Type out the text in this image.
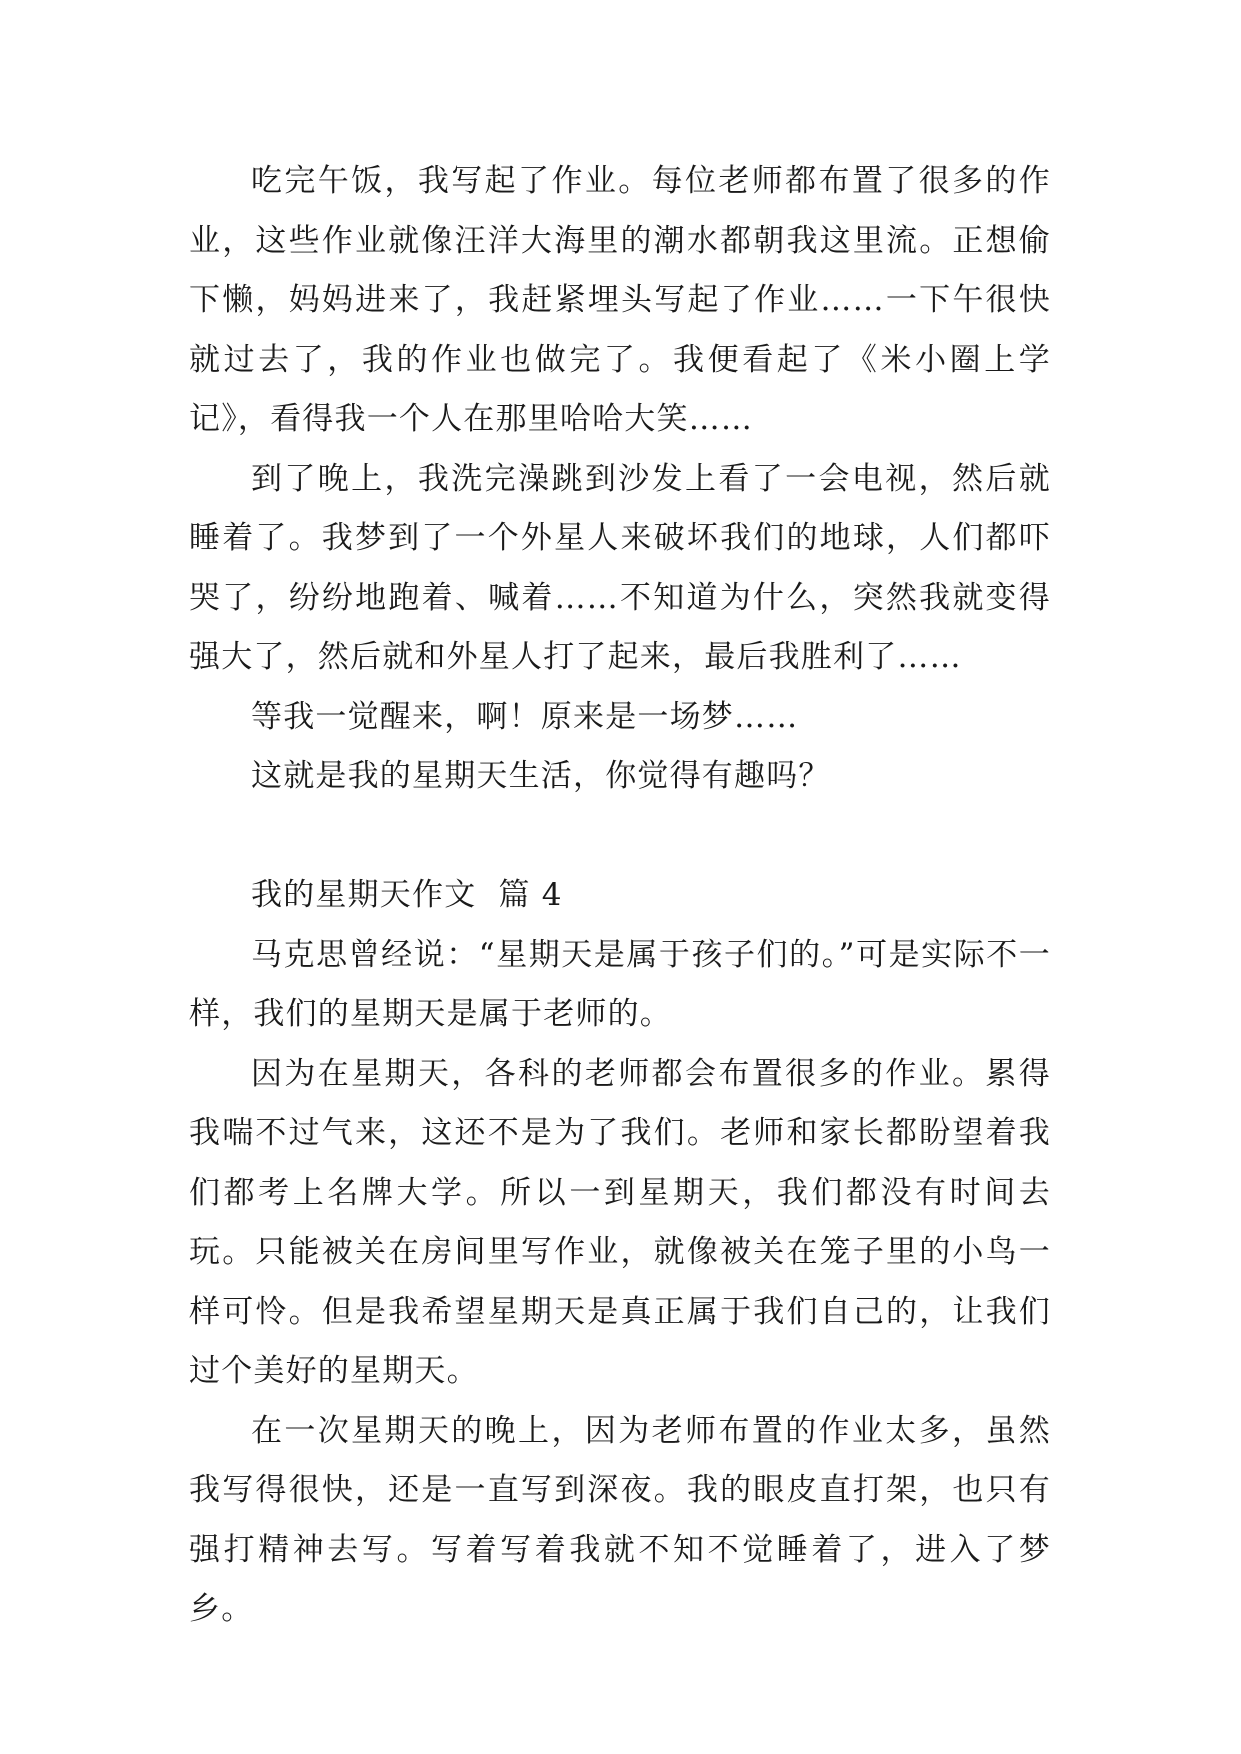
吃完午饭，我写起了作业。每位老师都布置了很多的作业，这些作业就像汪洋大海里的潮水都朝我这里流。正想偷下懒，妈妈进来了，我赶紧埋头写起了作业……一下午很快就过去了，我的作业也做完了。我便看起了《米小圈上学记》，看得我一个人在那里哈哈大笑……

到了晚上，我洗完澡跳到沙发上看了一会电视，然后就睡着了。我梦到了一个外星人来破坏我们的地球，人们都吓哭了，纷纷地跑着、喊着……不知道为什么，突然我就变得强大了，然后就和外星人打了起来，最后我胜利了……

等我一觉醒来，啊！原来是一场梦……

这就是我的星期天生活，你觉得有趣吗？

我的星期天作文  篇 4

马克思曾经说：“星期天是属于孩子们的。”可是实际不一样，我们的星期天是属于老师的。

因为在星期天，各科的老师都会布置很多的作业。累得我喘不过气来，这还不是为了我们。老师和家长都盼望着我们都考上名牌大学。所以一到星期天，我们都没有时间去玩。只能被关在房间里写作业，就像被关在笼子里的小鸟一样可怜。但是我希望星期天是真正属于我们自己的，让我们过个美好的星期天。

在一次星期天的晚上，因为老师布置的作业太多，虽然我写得很快，还是一直写到深夜。我的眼皮直打架，也只有强打精神去写。写着写着我就不知不觉睡着了，进入了梦乡。
